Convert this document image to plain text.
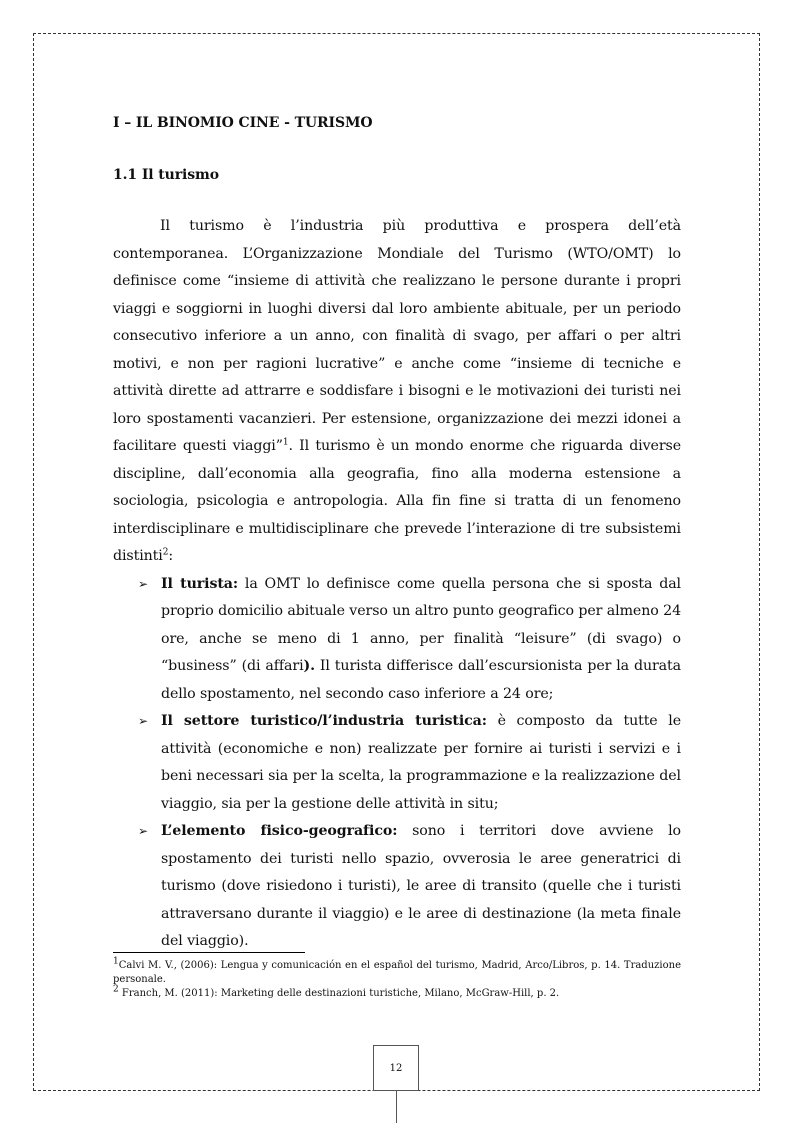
I – IL BINOMIO CINE - TURISMO
1.1 Il turismo

Il turismo è l’industria più produttiva e prospera dell’età contemporanea. L’Organizzazione Mondiale del Turismo (WTO/OMT) lo definisce come “insieme di attività che realizzano le persone durante i propri viaggi e soggiorni in luoghi diversi dal loro ambiente abituale, per un periodo consecutivo inferiore a un anno, con finalità di svago, per affari o per altri motivi, e non per ragioni lucrative” e anche come “insieme di tecniche e attività dirette ad attrarre e soddisfare i bisogni e le motivazioni dei turisti nei loro spostamenti vacanzieri. Per estensione, organizzazione dei mezzi idonei a facilitare questi viaggi”$^1$. Il turismo è un mondo enorme che riguarda diverse discipline, dall’economia alla geografia, fino alla moderna estensione a sociologia, psicologia e antropologia. Alla fin fine si tratta di un fenomeno interdisciplinare e multidisciplinare che prevede l’interazione di tre subsistemi distinti$^2$:

➢ Il turista: la OMT lo definisce come quella persona che si sposta dal proprio domicilio abituale verso un altro punto geografico per almeno 24 ore, anche se meno di 1 anno, per finalità “leisure” (di svago) o “business” (di affari). Il turista differisce dall’escursionista per la durata dello spostamento, nel secondo caso inferiore a 24 ore;
➢ Il settore turistico/l’industria turistica: è composto da tutte le attività (economiche e non) realizzate per fornire ai turisti i servizi e i beni necessari sia per la scelta, la programmazione e la realizzazione del viaggio, sia per la gestione delle attività in situ;
➢ L’elemento fisico-geografico: sono i territori dove avviene lo spostamento dei turisti nello spazio, ovverosia le aree generatrici di turismo (dove risiedono i turisti), le aree di transito (quelle che i turisti attraversano durante il viaggio) e le aree di destinazione (la meta finale del viaggio).

$^1$Calvi M. V., (2006): Lengua y comunicación en el español del turismo, Madrid, Arco/Libros, p. 14. Traduzione personale.

$^2$ Franch, M. (2011): Marketing delle destinazioni turistiche, Milano, McGraw-Hill, p. 2.

12
